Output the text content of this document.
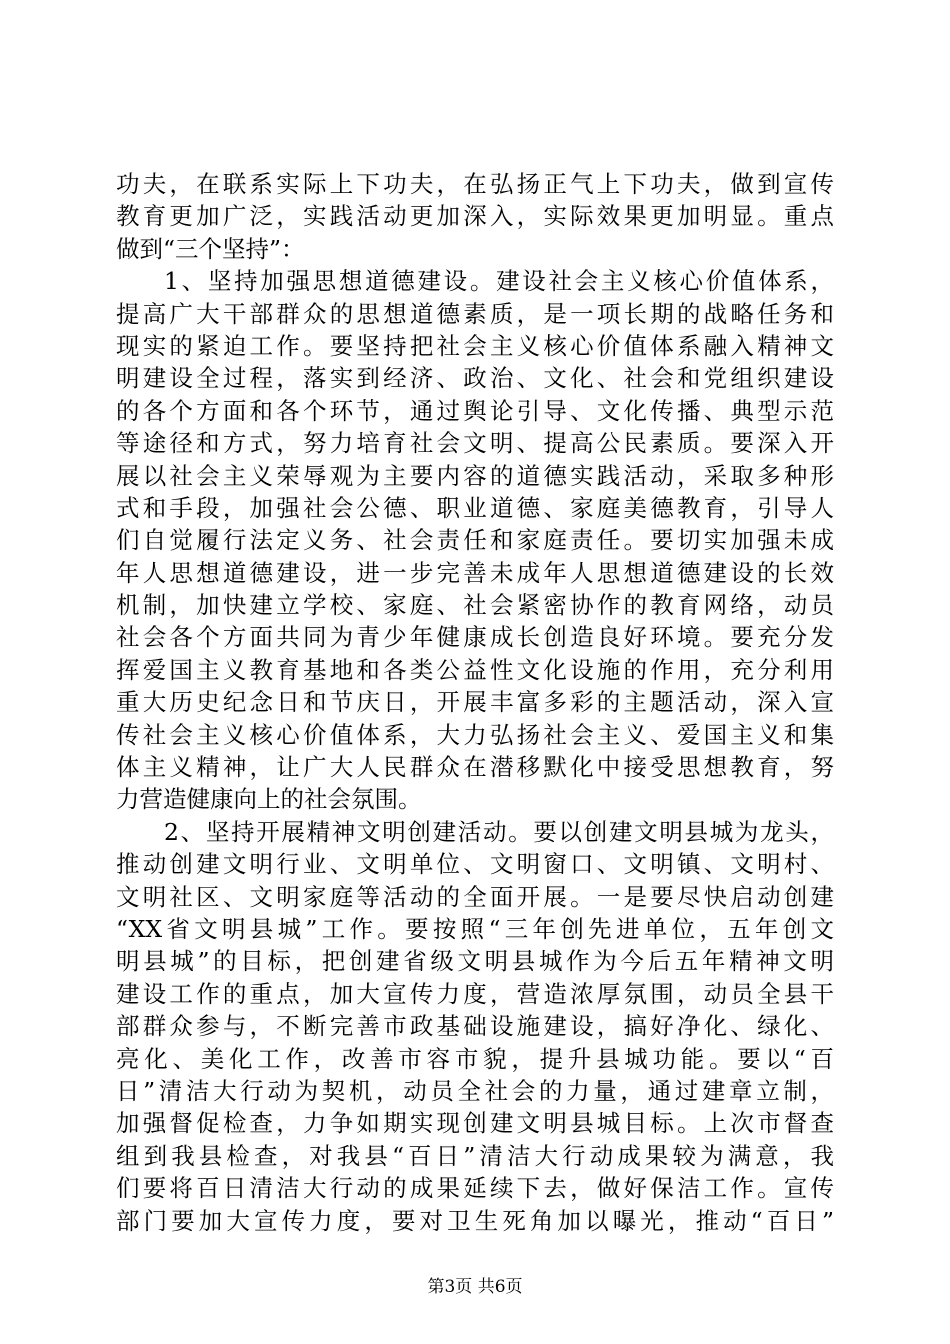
功夫，在联系实际上下功夫，在弘扬正气上下功夫，做到宣传
教育更加广泛，实践活动更加深入，实际效果更加明显。重点
做到“三个坚持”：
1、坚持加强思想道德建设。建设社会主义核心价值体系，
提高广大干部群众的思想道德素质，是一项长期的战略任务和
现实的紧迫工作。要坚持把社会主义核心价值体系融入精神文
明建设全过程，落实到经济、政治、文化、社会和党组织建设
的各个方面和各个环节，通过舆论引导、文化传播、典型示范
等途径和方式，努力培育社会文明、提高公民素质。要深入开
展以社会主义荣辱观为主要内容的道德实践活动，采取多种形
式和手段，加强社会公德、职业道德、家庭美德教育，引导人
们自觉履行法定义务、社会责任和家庭责任。要切实加强未成
年人思想道德建设，进一步完善未成年人思想道德建设的长效
机制，加快建立学校、家庭、社会紧密协作的教育网络，动员
社会各个方面共同为青少年健康成长创造良好环境。要充分发
挥爱国主义教育基地和各类公益性文化设施的作用，充分利用
重大历史纪念日和节庆日，开展丰富多彩的主题活动，深入宣
传社会主义核心价值体系，大力弘扬社会主义、爱国主义和集
体主义精神，让广大人民群众在潜移默化中接受思想教育，努
力营造健康向上的社会氛围。
2、坚持开展精神文明创建活动。要以创建文明县城为龙头，
推动创建文明行业、文明单位、文明窗口、文明镇、文明村、
文明社区、文明家庭等活动的全面开展。一是要尽快启动创建
“XX省文明县城”工作。要按照“三年创先进单位，五年创文
明县城”的目标，把创建省级文明县城作为今后五年精神文明
建设工作的重点，加大宣传力度，营造浓厚氛围，动员全县干
部群众参与，不断完善市政基础设施建设，搞好净化、绿化、
亮化、美化工作，改善市容市貌，提升县城功能。要以“百
日”清洁大行动为契机，动员全社会的力量，通过建章立制，
加强督促检查，力争如期实现创建文明县城目标。上次市督查
组到我县检查，对我县“百日”清洁大行动成果较为满意，我
们要将百日清洁大行动的成果延续下去，做好保洁工作。宣传
部门要加大宣传力度，要对卫生死角加以曝光，推动“百日”
第3页 共6页
